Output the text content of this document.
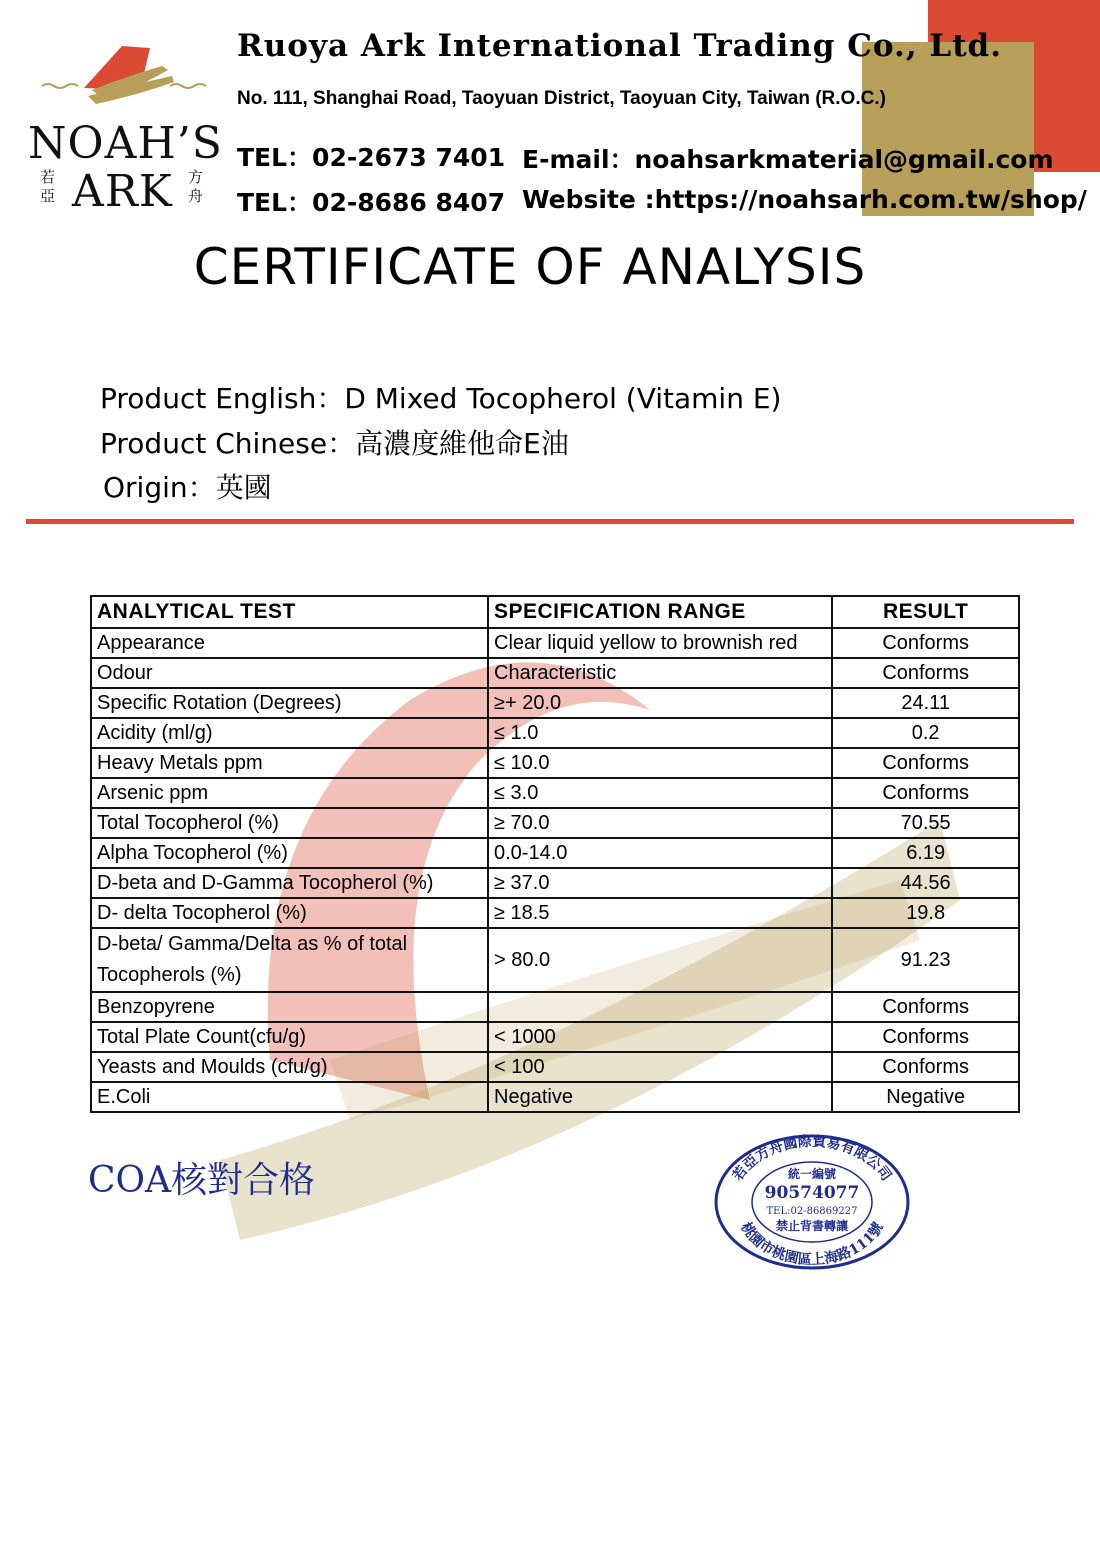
NOAH’S
若亞 ARK 方舟
Ruoya Ark International Trading Co., Ltd.
No. 111, Shanghai Road, Taoyuan District, Taoyuan City, Taiwan (R.O.C.)
TEL：02-2673 7401 E-mail：noahsarkmaterial@gmail.com
TEL：02-8686 8407 Website :https://noahsarh.com.tw/shop/
CERTIFICATE OF ANALYSIS
Product English：D Mixed Tocopherol (Vitamin E)
Product Chinese：高濃度維他命E油
Origin：英國
ANALYTICAL TEST	SPECIFICATION RANGE	RESULT
Appearance	Clear liquid yellow to brownish red	Conforms
Odour	Characteristic	Conforms
Specific Rotation (Degrees)	≥+ 20.0	24.11
Acidity (ml/g)	≤ 1.0	0.2
Heavy Metals ppm	≤ 10.0	Conforms
Arsenic ppm	≤ 3.0	Conforms
Total Tocopherol (%)	≥ 70.0	70.55
Alpha Tocopherol (%)	0.0-14.0	6.19
D-beta and D-Gamma Tocopherol (%)	≥ 37.0	44.56
D- delta Tocopherol (%)	≥ 18.5	19.8
D-beta/ Gamma/Delta as % of total
Tocopherols (%)	> 80.0	91.23
Benzopyrene		Conforms
Total Plate Count(cfu/g)	< 1000	Conforms
Yeasts and Moulds (cfu/g)	< 100	Conforms
E.Coli	Negative	Negative
COA核對合格	若亞方舟國際貿易有限公司
桃園市桃園區上海路111號
統一編號
90574077
TEL:02-86869227
禁止背書轉讓
